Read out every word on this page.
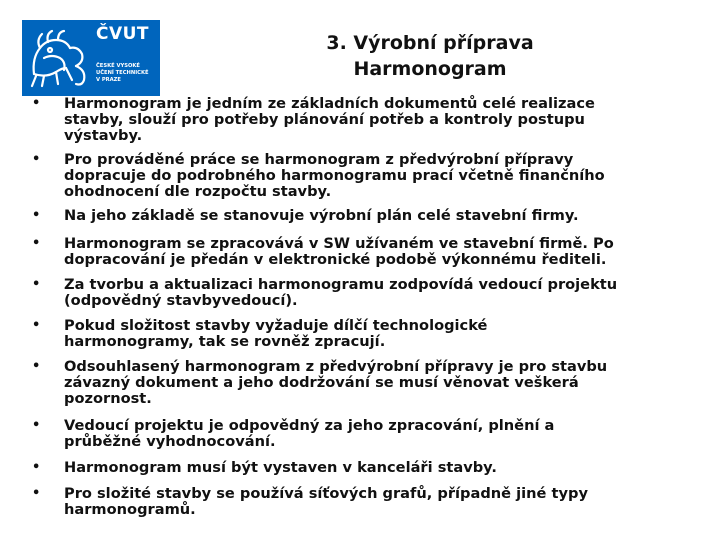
ČVUT
ČESKÉ VYSOKÉ
UČENÍ TECHNICKÉ
V PRAZE
3. Výrobní příprava
Harmonogram
• Harmonogram je jedním ze základních dokumentů celé realizace
stavby, slouží pro potřeby plánování potřeb a kontroly postupu
výstavby.
• Pro prováděné práce se harmonogram z předvýrobní přípravy
dopracuje do podrobného harmonogramu prací včetně finančního
ohodnocení dle rozpočtu stavby.
• Na jeho základě se stanovuje výrobní plán celé stavební firmy.
• Harmonogram se zpracovává v SW užívaném ve stavební firmě. Po
dopracování je předán v elektronické podobě výkonnému řediteli.
• Za tvorbu a aktualizaci harmonogramu zodpovídá vedoucí projektu
(odpovědný stavbyvedoucí).
• Pokud složitost stavby vyžaduje dílčí technologické
harmonogramy, tak se rovněž zpracují.
• Odsouhlasený harmonogram z předvýrobní přípravy je pro stavbu
závazný dokument a jeho dodržování se musí věnovat veškerá
pozornost.
• Vedoucí projektu je odpovědný za jeho zpracování, plnění a
průběžné vyhodnocování.
• Harmonogram musí být vystaven v kanceláři stavby.
• Pro složité stavby se používá síťových grafů, případně jiné typy
harmonogramů.
